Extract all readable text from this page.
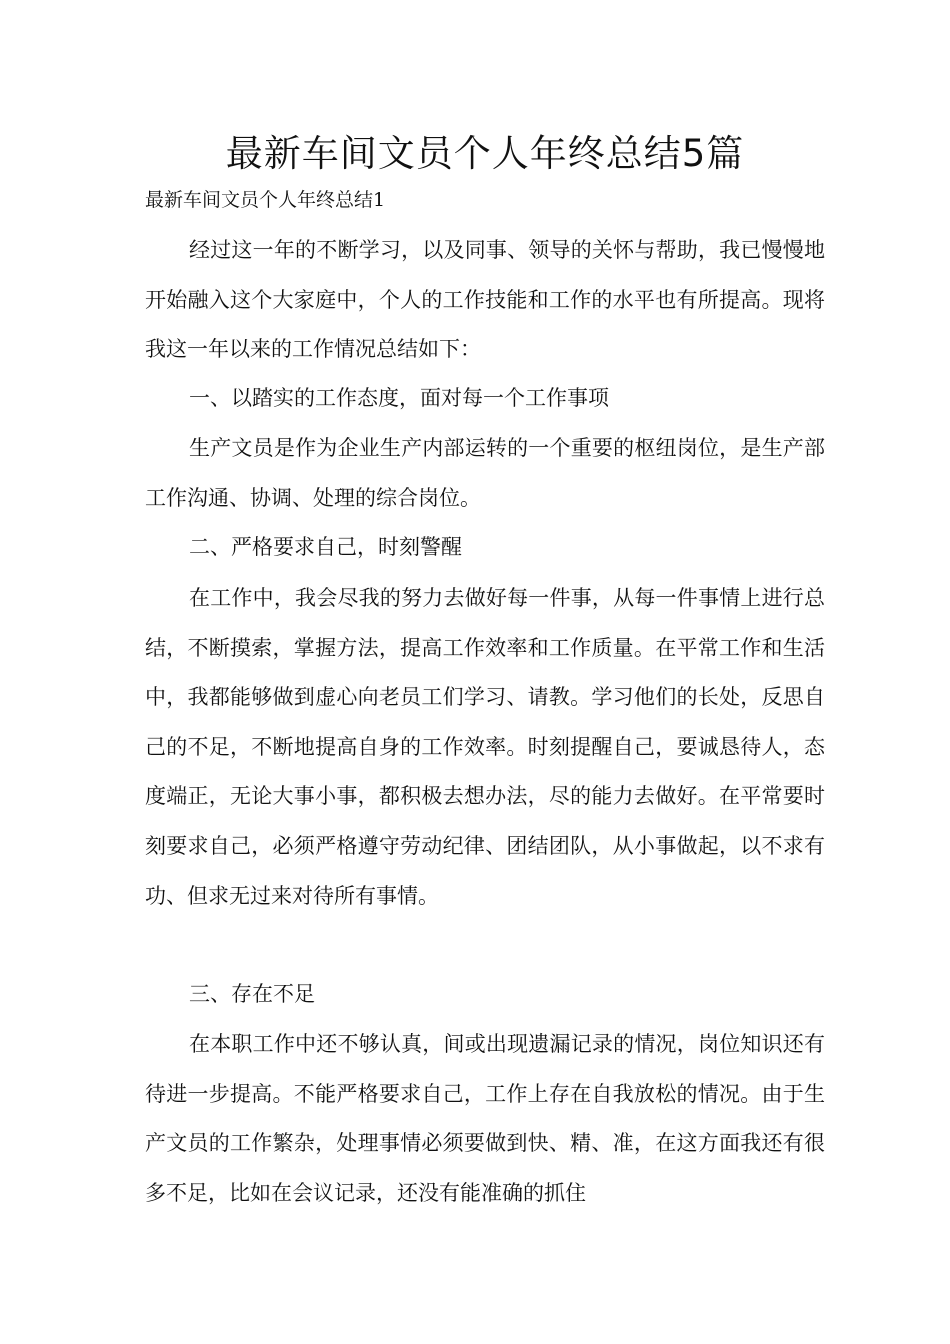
最新车间文员个人年终总结5篇
最新车间文员个人年终总结1

经过这一年的不断学习，以及同事、领导的关怀与帮助，我已慢慢地开始融入这个大家庭中，个人的工作技能和工作的水平也有所提高。现将我这一年以来的工作情况总结如下：

一、以踏实的工作态度，面对每一个工作事项

生产文员是作为企业生产内部运转的一个重要的枢纽岗位，是生产部工作沟通、协调、处理的综合岗位。

二、严格要求自己，时刻警醒

在工作中，我会尽我的努力去做好每一件事，从每一件事情上进行总结，不断摸索，掌握方法，提高工作效率和工作质量。在平常工作和生活中，我都能够做到虚心向老员工们学习、请教。学习他们的长处，反思自己的不足，不断地提高自身的工作效率。时刻提醒自己，要诚恳待人，态度端正，无论大事小事，都积极去想办法，尽的能力去做好。在平常要时刻要求自己，必须严格遵守劳动纪律、团结团队，从小事做起，以不求有功、但求无过来对待所有事情。

三、存在不足

在本职工作中还不够认真，间或出现遗漏记录的情况，岗位知识还有待进一步提高。不能严格要求自己，工作上存在自我放松的情况。由于生产文员的工作繁杂，处理事情必须要做到快、精、准，在这方面我还有很多不足，比如在会议记录，还没有能准确的抓住
